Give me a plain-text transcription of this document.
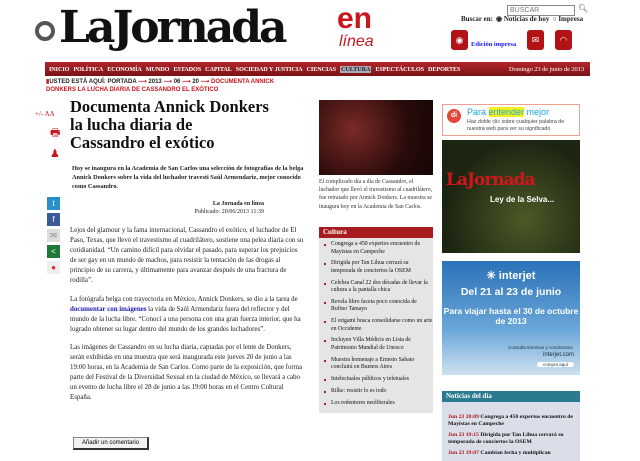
LaJornada en
línea
BUSCAR
🔍︎
Buscar en: ◉ Noticias de hoy ○ Impresa
◉	Edición impresa	✉	◠
INICIO POLÍTICA ECONOMÍA MUNDO ESTADOS CAPITAL SOCIEDAD Y JUSTICIA CIENCIAS CULTURA ESPECTÁCULOS DEPORTES	Domingo 23 de junio de 2013
▮USTED ESTÁ AQUÍ: PORTADA ⟶ 2013 ⟶ 06 ⟶ 20 ⟶ DOCUMENTA ANNICK DONKERS LA LUCHA DIARIA DE CASSANDRO EL EXÓTICO
+/- AA
🖶︎
♟
t
f
✉
<
●
Documenta Annick Donkers la lucha diaria de Cassandro el exótico
Hoy se inaugura en la Academia de San Carlos una selección de fotografías de la belga Annick Donkers sobre la vida del luchador travesti Saúl Armendariz, mejor conocido como Cassandro.
La Jornada en línea
Publicado: 20/06/2013 11:39

Lejos del glamour y la fama internacional, Cassandro el exótico, el luchador de El Paso, Texas, que llevó el travestismo al cuadrilátero, sostiene una pelea diaria con su cotidianidad. “Un camino difícil para olvidar el pasado, para superar los prejuicios de ser gay en un mundo de machos, para resistir la tentación de las drogas al principio de su carrera, y últimamente para avanzar después de una fractura de rodilla”.

La fotógrafa belga con trayectoria en México, Annick Donkers, se dio a la tarea de documentar con imágenes la vida de Saúl Armendariz fuera del reflector y del mundo de la lucha libre. “Conocí a una persona con una gran fuerza interior, que ha logrado obtener su lugar dentro del mundo de los grandes luchadores”.

Las imágenes de Cassandro en su lucha diaria, captadas por el lente de Donkers, serán exhibidas en una muestra que será inaugurada este jueves 20 de junio a las 19:00 horas, en la Academia de San Carlos. Como parte de la exposición, que forma parte del Festival de la Diversidad Sexual en la ciudad de México, se llevará a cabo un evento de lucha libre el 28 de junio a las 19:00 horas en el Centro Cultural España.

Añadir un comentario
El complicado día a día de Cassandro, el luchador que llevó el travestismo al cuadrilátero, fue retratado por Annick Donkers. La muestra se inaugura hoy en la Academia de San Carlos.
Cultura
Congrega a 450 expertos encuentro de Mayistas en Campeche
Dirigida por Tan Lihua cerrará su temporada de conciertos la OSEM
Celebra Canal 22 dos décadas de llevar la cultura a la pantalla chica
Revela libro faceta poco conocida de Rufino Tamayo
El origami busca consolidarse como un arte en Occidente
Incluyen Villa Médicis en Lista de Patrimonio Mundial de Unesco
Muestra homenaje a Ernesto Sabato concluirá en Buenos Aires
Intelectuales públicos y teletuales
Rilke: resistir lo es todo
Los redentores neoliberales
di	Para entender mejor
Haz doble clic sobre cualquier palabra de nuestra web para ver su significado
LaJornada
Ley de la Selva...
✳ interjet
Del 21 al 23 de junio
Para viajar hasta el 30 de octubre de 2013
Consulta términos y condiciones.
interjet.com
compra aquí
Noticias del día
Jun 23 20:09 Congrega a 450 expertos encuentro de Mayistas en Campeche
Jun 23 19:15 Dirigida por Tan Lihua cerrará su temporada de conciertos la OSEM
Jun 23 19:07 Cambian fecha y multiplican
